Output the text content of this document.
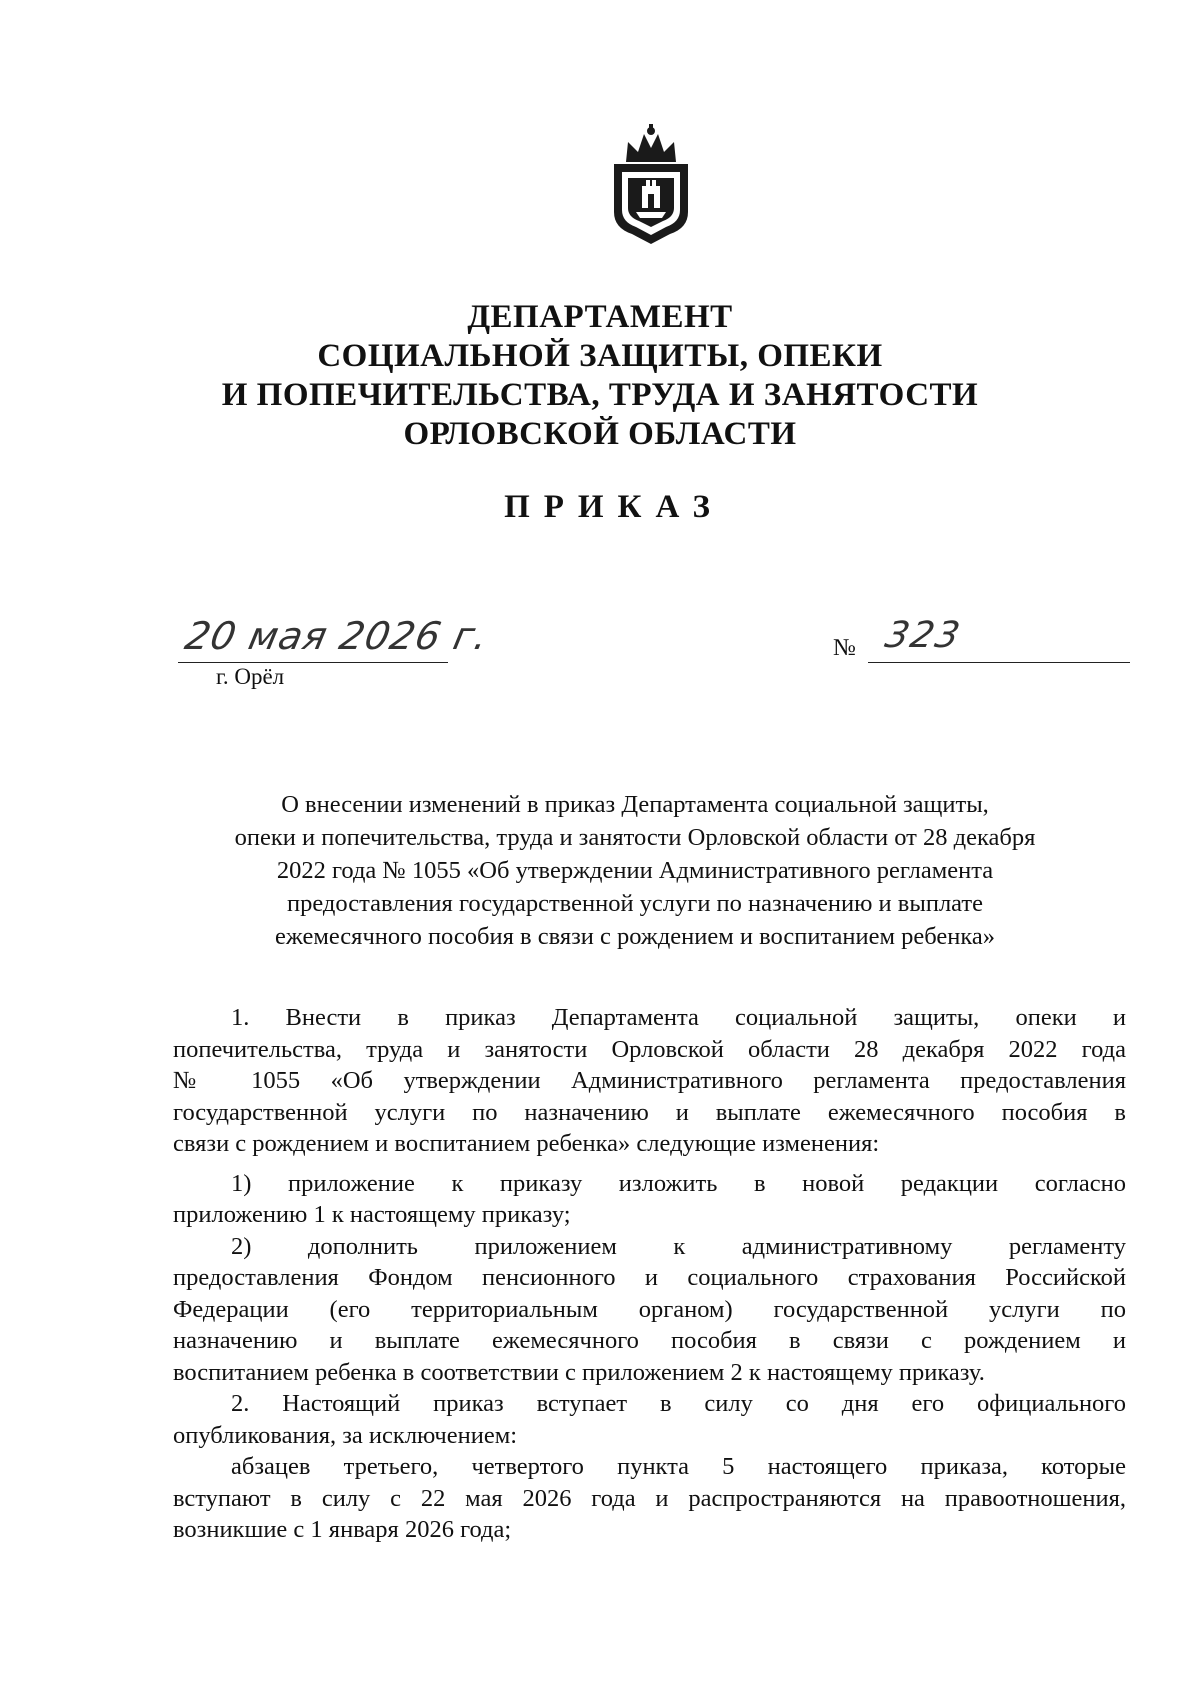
ДЕПАРТАМЕНТ
СОЦИАЛЬНОЙ ЗАЩИТЫ, ОПЕКИ
И ПОПЕЧИТЕЛЬСТВА, ТРУДА И ЗАНЯТОСТИ
ОРЛОВСКОЙ ОБЛАСТИ
ПРИКАЗ
20 мая 2026 г.
г. Орёл
№ 323
О внесении изменений в приказ Департамента социальной защиты,
опеки и попечительства, труда и занятости Орловской области от 28 декабря
2022 года № 1055 «Об утверждении Административного регламента
предоставления государственной услуги по назначению и выплате
ежемесячного пособия в связи с рождением и воспитанием ребенка»
1. Внести в приказ Департамента социальной защиты, опеки и
попечительства, труда и занятости Орловской области 28 декабря 2022 года
№ 1055 «Об утверждении Административного регламента предоставления
государственной услуги по назначению и выплате ежемесячного пособия в
связи с рождением и воспитанием ребенка» следующие изменения:
1) приложение к приказу изложить в новой редакции согласно
приложению 1 к настоящему приказу;
2) дополнить приложением к административному регламенту
предоставления Фондом пенсионного и социального страхования Российской
Федерации (его территориальным органом) государственной услуги по
назначению и выплате ежемесячного пособия в связи с рождением и
воспитанием ребенка в соответствии с приложением 2 к настоящему приказу.
2. Настоящий приказ вступает в силу со дня его официального
опубликования, за исключением:
абзацев третьего, четвертого пункта 5 настоящего приказа, которые
вступают в силу с 22 мая 2026 года и распространяются на правоотношения,
возникшие с 1 января 2026 года;
